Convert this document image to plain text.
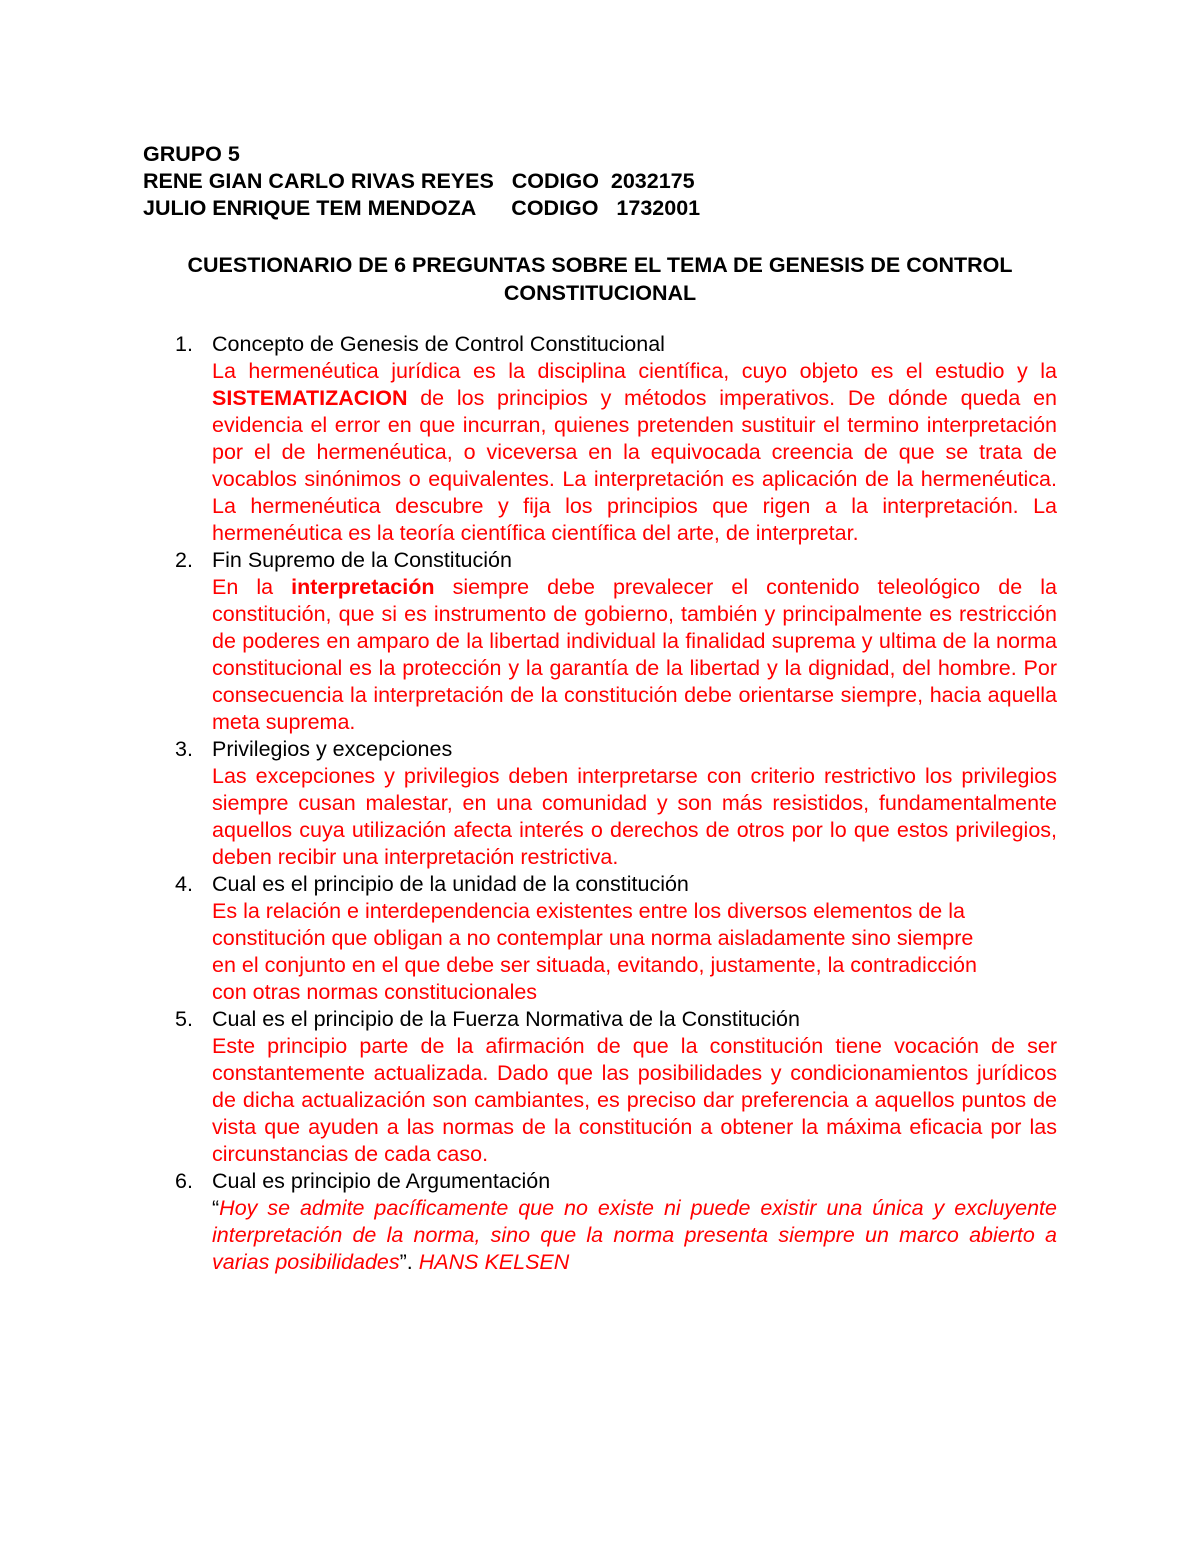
GRUPO 5
RENE GIAN CARLO RIVAS REYES   CODIGO  2032175
JULIO ENRIQUE TEM MENDOZA      CODIGO   1732001
CUESTIONARIO DE 6 PREGUNTAS SOBRE EL TEMA DE GENESIS DE CONTROL
CONSTITUCIONAL
1. Concepto de Genesis de Control Constitucional
La hermenéutica jurídica es la disciplina científica, cuyo objeto es el estudio y la SISTEMATIZACION de los principios y métodos imperativos. De dónde queda en evidencia el error en que incurran, quienes pretenden sustituir el termino interpretación por el de hermenéutica, o viceversa en la equivocada creencia de que se trata de vocablos sinónimos o equivalentes. La interpretación es aplicación de la hermenéutica. La hermenéutica descubre y fija los principios que rigen a la interpretación. La hermenéutica es la teoría científica científica del arte, de interpretar.
2. Fin Supremo de la Constitución
En la interpretación siempre debe prevalecer el contenido teleológico de la constitución, que si es instrumento de gobierno, también y principalmente es restricción de poderes en amparo de la libertad individual la finalidad suprema y ultima de la norma constitucional es la protección y la garantía de la libertad y la dignidad, del hombre. Por consecuencia la interpretación de la constitución debe orientarse siempre, hacia aquella meta suprema.
3. Privilegios y excepciones
Las excepciones y privilegios deben interpretarse con criterio restrictivo los privilegios siempre cusan malestar, en una comunidad y son más resistidos, fundamentalmente aquellos cuya utilización afecta interés o derechos de otros por lo que estos privilegios, deben recibir una interpretación restrictiva.
4. Cual es el principio de la unidad de la constitución
Es la relación e interdependencia existentes entre los diversos elementos de la
constitución que obligan a no contemplar una norma aisladamente sino siempre
en el conjunto en el que debe ser situada, evitando, justamente, la contradicción
con otras normas constitucionales
5. Cual es el principio de la Fuerza Normativa de la Constitución
Este principio parte de la afirmación de que la constitución tiene vocación de ser constantemente actualizada. Dado que las posibilidades y condicionamientos jurídicos de dicha actualización son cambiantes, es preciso dar preferencia a aquellos puntos de vista que ayuden a las normas de la constitución a obtener la máxima eficacia por las circunstancias de cada caso.
6. Cual es principio de Argumentación
“Hoy se admite pacíficamente que no existe ni puede existir una única y excluyente interpretación de la norma, sino que la norma presenta siempre un marco abierto a varias posibilidades”. HANS KELSEN
